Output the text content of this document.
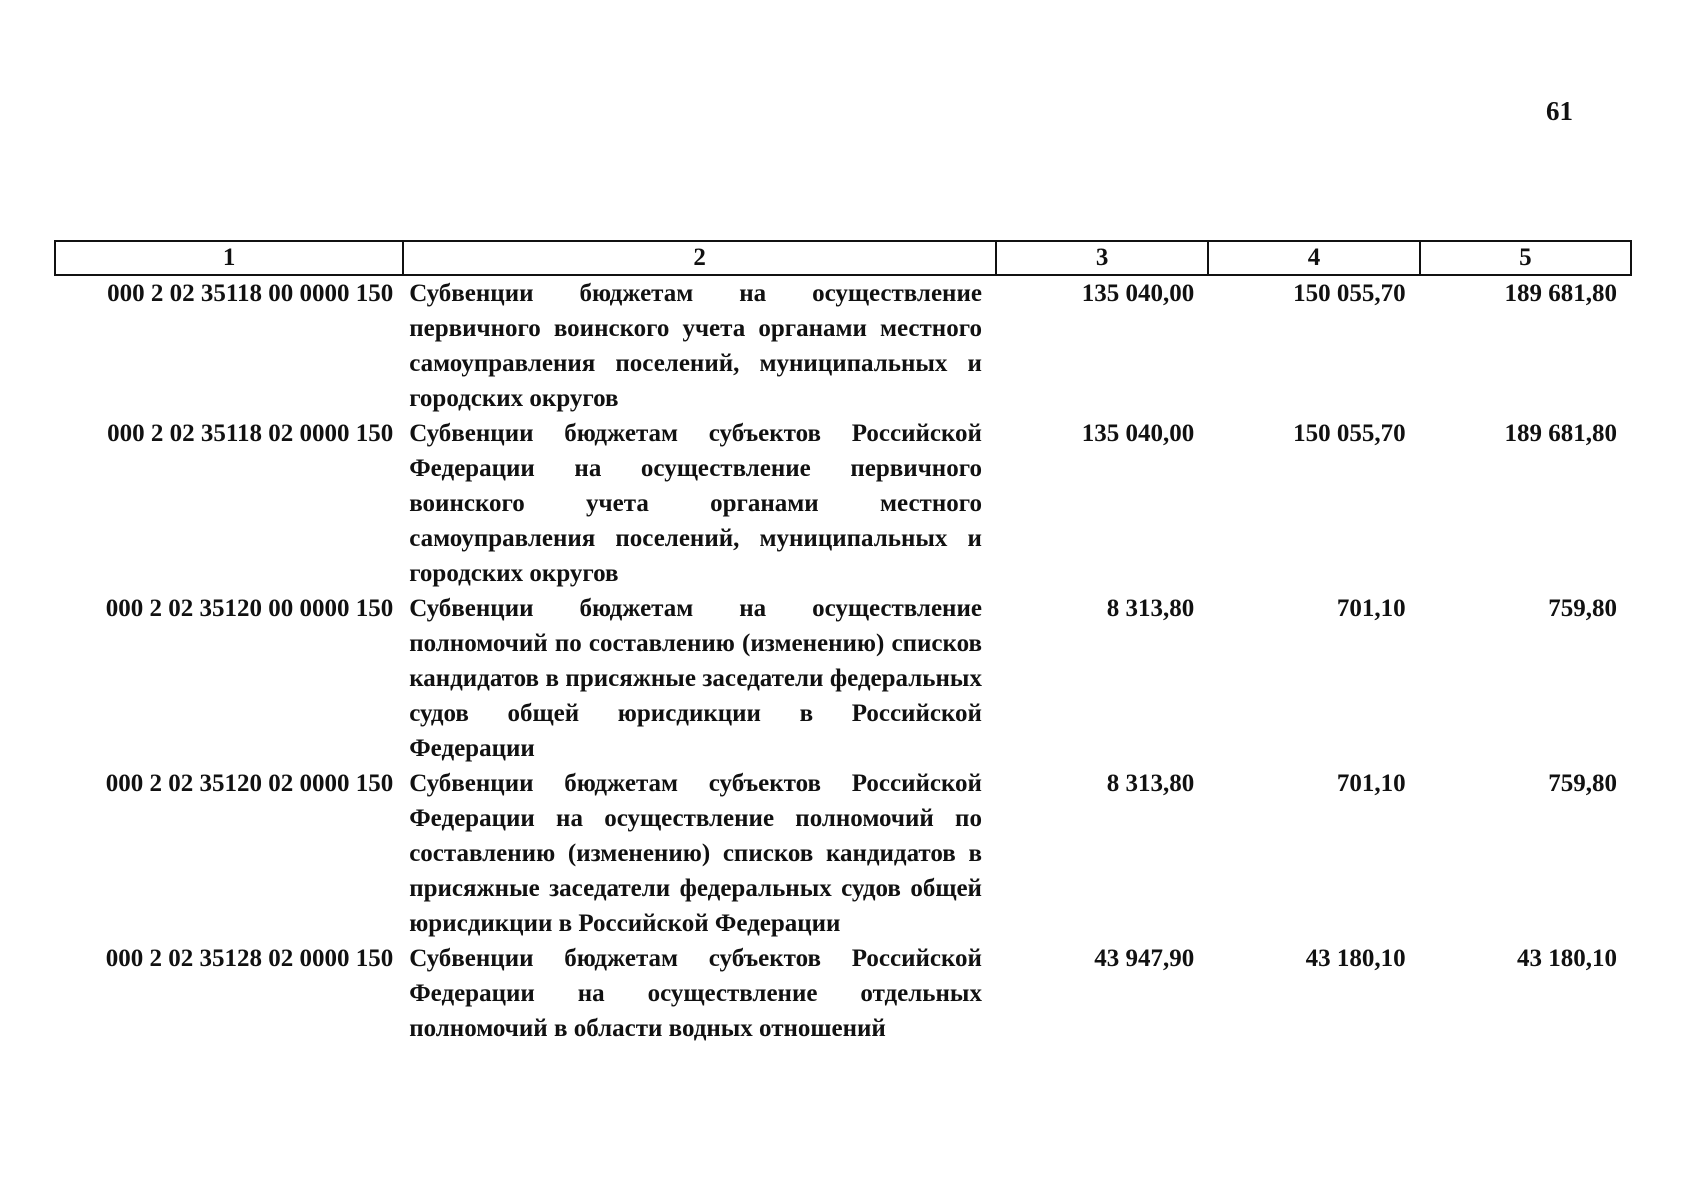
61
1	2	3	4	5
000 2 02 35118 00 0000 150	Субвенции бюджетам на осуществление первичного воинского учета органами местного самоуправления поселений, муниципальных и городских округов	135 040,00	150 055,70	189 681,80
000 2 02 35118 02 0000 150	Субвенции бюджетам субъектов Российской Федерации на осуществление первичного воинского учета органами местного самоуправления поселений, муниципальных и городских округов	135 040,00	150 055,70	189 681,80
000 2 02 35120 00 0000 150	Субвенции бюджетам на осуществление полномочий по составлению (изменению) списков кандидатов в присяжные заседатели федеральных судов общей юрисдикции в Российской Федерации	8 313,80	701,10	759,80
000 2 02 35120 02 0000 150	Субвенции бюджетам субъектов Российской Федерации на осуществление полномочий по составлению (изменению) списков кандидатов в присяжные заседатели федеральных судов общей юрисдикции в Российской Федерации	8 313,80	701,10	759,80
000 2 02 35128 02 0000 150	Субвенции бюджетам субъектов Российской Федерации на осуществление отдельных полномочий в области водных отношений	43 947,90	43 180,10	43 180,10
